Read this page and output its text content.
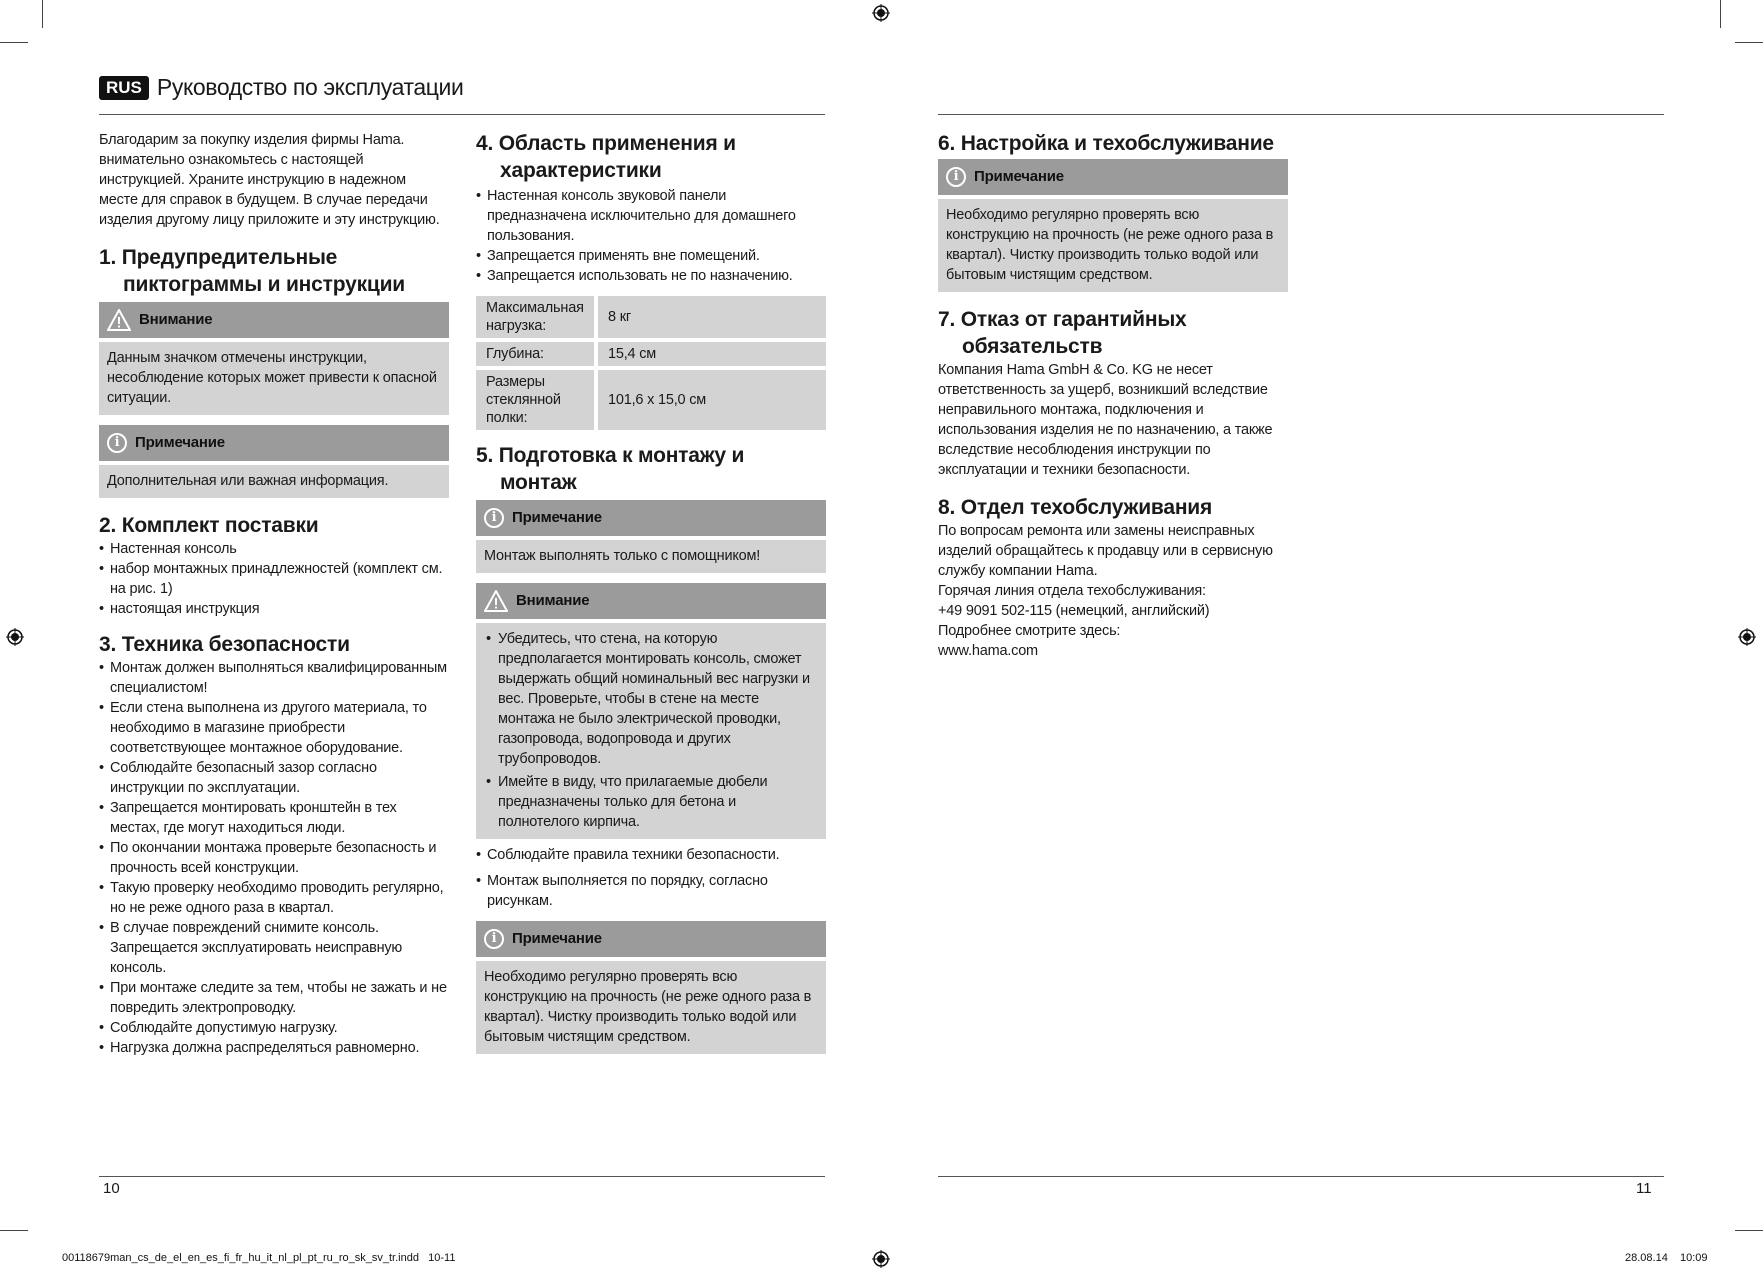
RUS Руководство по эксплуатации

Благодарим за покупку изделия фирмы Hama. внимательно ознакомьтесь с настоящей инструкцией. Храните инструкцию в надежном месте для справок в будущем. В случае передачи изделия другому лицу приложите и эту инструкцию.

1. Предупредительные пиктограммы и инструкции
Внимание

Данным значком отмечены инструкции, несоблюдение которых может привести к опасной ситуации.

i	Примечание

Дополнительная или важная информация.

2. Комплект поставки
• Настенная консоль
• набор монтажных принадлежностей (комплект см. на рис. 1)
• настоящая инструкция
3. Техника безопасности
• Монтаж должен выполняться квалифицированным специалистом!
• Если стена выполнена из другого материала, то необходимо в магазине приобрести соответствующее монтажное оборудование.
• Соблюдайте безопасный зазор согласно инструкции по эксплуатации.
• Запрещается монтировать кронштейн в тех местах, где могут находиться люди.
• По окончании монтажа проверьте безопасность и прочность всей конструкции.
• Такую проверку необходимо проводить регулярно, но не реже одного раза в квартал.
• В случае повреждений снимите консоль. Запрещается эксплуатировать неисправную консоль.
• При монтаже следите за тем, чтобы не зажать и не повредить электропроводку.
• Соблюдайте допустимую нагрузку.
• Нагрузка должна распределяться равномерно.
4. Область применения и характеристики
• Настенная консоль звуковой панели предназначена исключительно для домашнего пользования.
• Запрещается применять вне помещений.
• Запрещается использовать не по назначению.
Максимальная нагрузка:	8 кг
Глубина:	15,4 см
Размеры стеклянной полки:	101,6 x 15,0 см
5. Подготовка к монтажу и монтаж
i	Примечание

Монтаж выполнять только с помощником!

Внимание
• Убедитесь, что стена, на которую предполагается монтировать консоль, сможет выдержать общий номинальный вес нагрузки и вес. Проверьте, чтобы в стене на месте монтажа не было электрической проводки, газопровода, водопровода и других трубопроводов.
• Имейте в виду, что прилагаемые дюбели предназначены только для бетона и полнотелого кирпича.
• Соблюдайте правила техники безопасности.
• Монтаж выполняется по порядку, согласно рисункам.
i	Примечание

Необходимо регулярно проверять всю конструкцию на прочность (не реже одного раза в квартал). Чистку производить только водой или бытовым чистящим средством.

6. Настройка и техобслуживание
i	Примечание

Необходимо регулярно проверять всю конструкцию на прочность (не реже одного раза в квартал). Чистку производить только водой или бытовым чистящим средством.

7. Отказ от гарантийных обязательств

Компания Hama GmbH & Co. KG не несет ответственность за ущерб, возникший вследствие неправильного монтажа, подключения и использования изделия не по назначению, а также вследствие несоблюдения инструкции по эксплуатации и техники безопасности.

8. Отдел техобслуживания

По вопросам ремонта или замены неисправных изделий обращайтесь к продавцу или в сервисную службу компании Hama.

Горячая линия отдела техобслуживания:

+49 9091 502-115 (немецкий, английский)

Подробнее смотрите здесь:

www.hama.com

10	11
00118679man_cs_de_el_en_es_fi_fr_hu_it_nl_pl_pt_ru_ro_sk_sv_tr.indd   10-11	28.08.14 10:09
